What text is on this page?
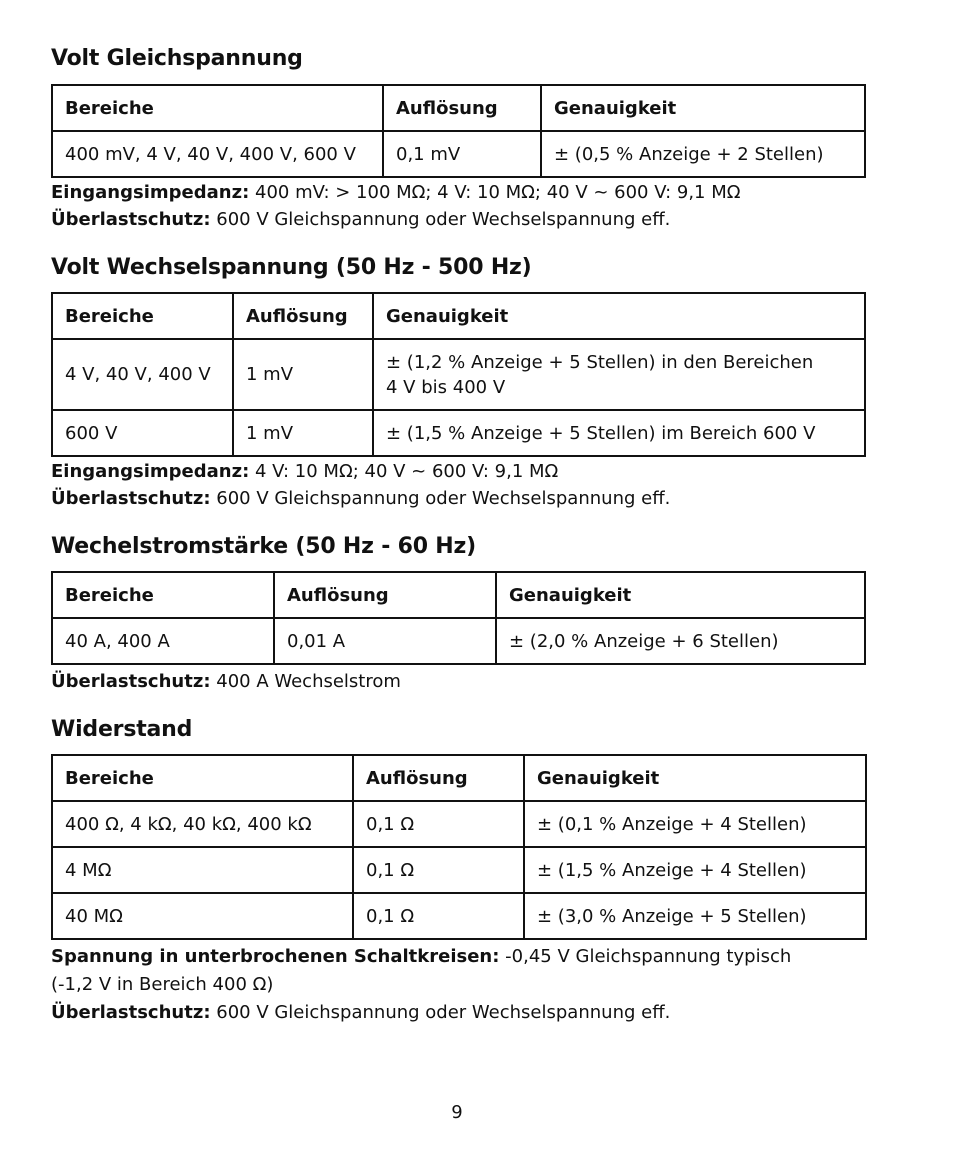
Volt Gleichspannung
Bereiche	Auflösung	Genauigkeit
400 mV, 4 V, 40 V, 400 V, 600 V	0,1 mV	± (0,5 % Anzeige + 2 Stellen)

Eingangsimpedanz: 400 mV: > 100 MΩ; 4 V: 10 MΩ; 40 V ~ 600 V: 9,1 MΩ

Überlastschutz: 600 V Gleichspannung oder Wechselspannung eff.

Volt Wechselspannung (50 Hz - 500 Hz)
Bereiche	Auflösung	Genauigkeit
4 V, 40 V, 400 V	1 mV	± (1,2 % Anzeige + 5 Stellen) in den Bereichen
4 V bis 400 V
600 V	1 mV	± (1,5 % Anzeige + 5 Stellen) im Bereich 600 V

Eingangsimpedanz: 4 V: 10 MΩ; 40 V ~ 600 V: 9,1 MΩ

Überlastschutz: 600 V Gleichspannung oder Wechselspannung eff.

Wechelstromstärke (50 Hz - 60 Hz)
Bereiche	Auflösung	Genauigkeit
40 A, 400 A	0,01 A	± (2,0 % Anzeige + 6 Stellen)

Überlastschutz: 400 A Wechselstrom

Widerstand
Bereiche	Auflösung	Genauigkeit
400 Ω, 4 kΩ, 40 kΩ, 400 kΩ	0,1 Ω	± (0,1 % Anzeige + 4 Stellen)
4 MΩ	0,1 Ω	± (1,5 % Anzeige + 4 Stellen)
40 MΩ	0,1 Ω	± (3,0 % Anzeige + 5 Stellen)

Spannung in unterbrochenen Schaltkreisen: -0,45 V Gleichspannung typisch

(-1,2 V in Bereich 400 Ω)

Überlastschutz: 600 V Gleichspannung oder Wechselspannung eff.

9
